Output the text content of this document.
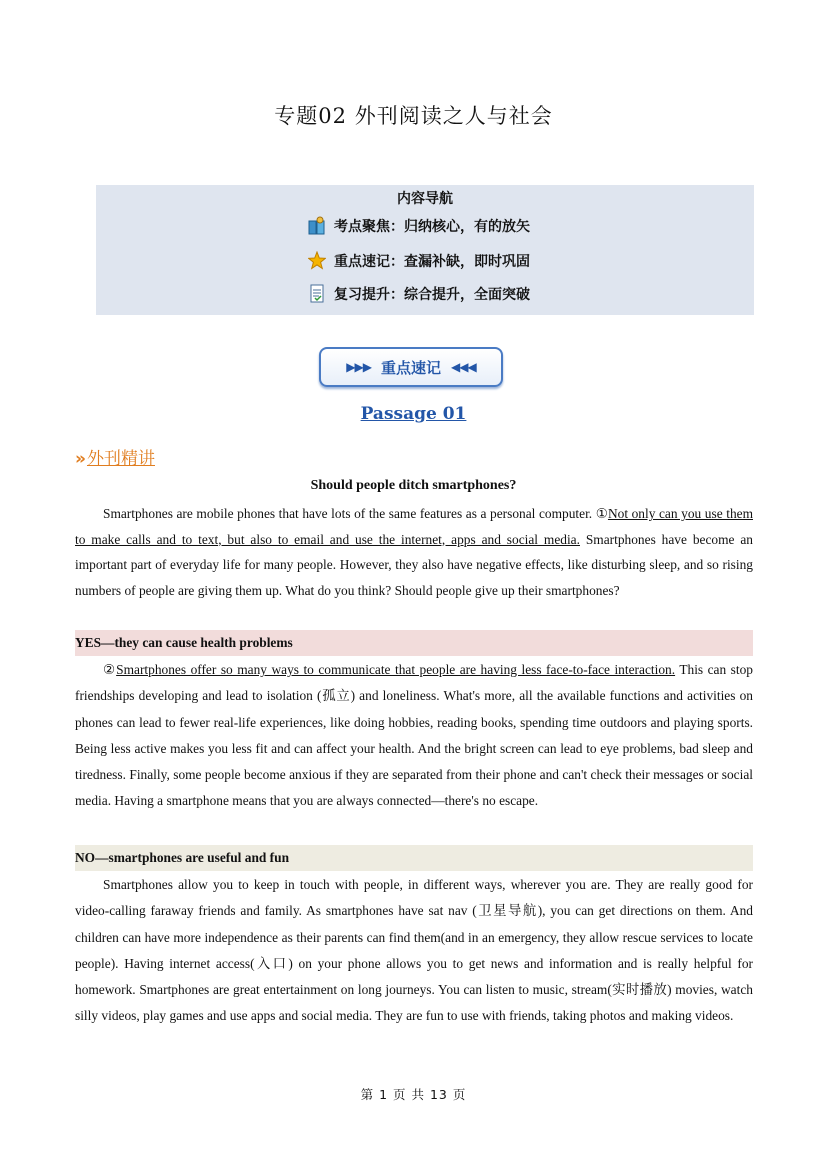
专题02 外刊阅读之人与社会
内容导航
考点聚焦：归纳核心，有的放矢
重点速记：查漏补缺，即时巩固
复习提升：综合提升，全面突破
▶▶▶ 重点速记 ◀◀◀
Passage 01
» 外刊精讲
Should people ditch smartphones?

Smartphones are mobile phones that have lots of the same features as a personal computer. ①Not only can you use them to make calls and to text, but also to email and use the internet, apps and social media. Smartphones have become an important part of everyday life for many people. However, they also have negative effects, like disturbing sleep, and so rising numbers of people are giving them up. What do you think? Should people give up their smartphones?

YES—they can cause health problems

②Smartphones offer so many ways to communicate that people are having less face-to-face interaction. This can stop friendships developing and lead to isolation (孤立) and loneliness. What's more, all the available functions and activities on phones can lead to fewer real-life experiences, like doing hobbies, reading books, spending time outdoors and playing sports. Being less active makes you less fit and can affect your health. And the bright screen can lead to eye problems, bad sleep and tiredness. Finally, some people become anxious if they are separated from their phone and can't check their messages or social media. Having a smartphone means that you are always connected—there's no escape.

NO—smartphones are useful and fun

Smartphones allow you to keep in touch with people, in different ways, wherever you are. They are really good for video-calling faraway friends and family. As smartphones have sat nav (卫星导航), you can get directions on them. And children can have more independence as their parents can find them(and in an emergency, they allow rescue services to locate people). Having internet access(入口) on your phone allows you to get news and information and is really helpful for homework. Smartphones are great entertainment on long journeys. You can listen to music, stream(实时播放) movies, watch silly videos, play games and use apps and social media. They are fun to use with friends, taking photos and making videos.

第 1 页 共 13 页
